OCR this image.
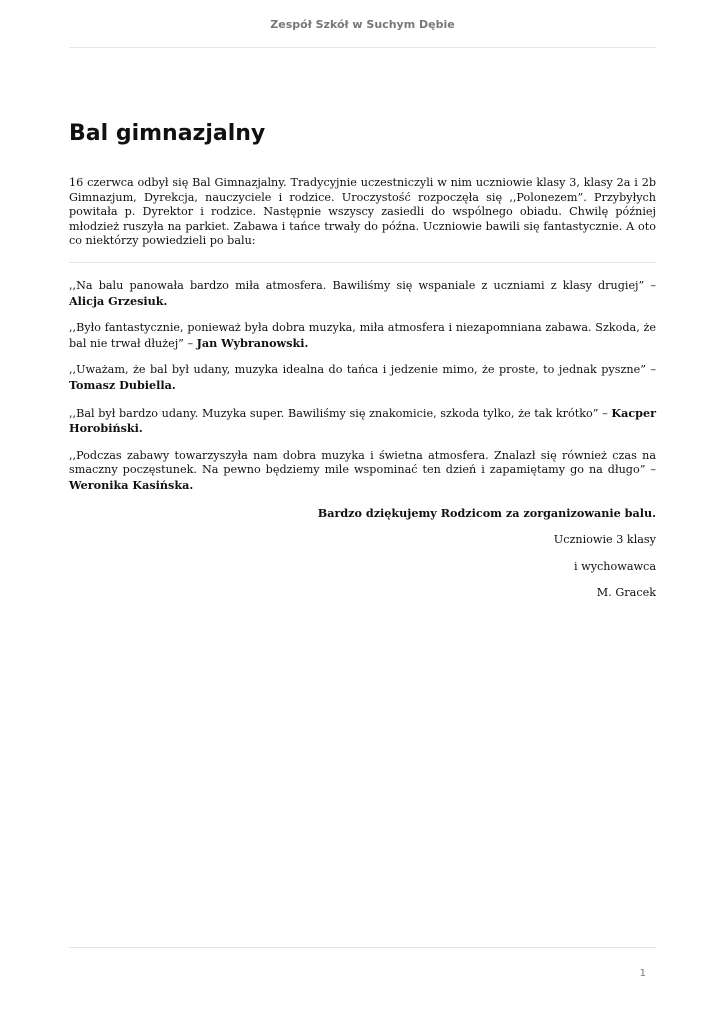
Zespół Szkół w Suchym Dębie
Bal gimnazjalny

16 czerwca odbył się Bal Gimnazjalny. Tradycyjnie uczestniczyli w nim uczniowie klasy 3, klasy 2a i 2b Gimnazjum, Dyrekcja, nauczyciele i rodzice. Uroczystość rozpoczęła się ,,Polonezem”. Przybyłych powitała p. Dyrektor i rodzice. Następnie wszyscy zasiedli do wspólnego obiadu. Chwilę później młodzież ruszyła na parkiet. Zabawa i tańce trwały do późna. Uczniowie bawili się fantastycznie. A oto co niektórzy powiedzieli po balu:

,,Na balu panowała bardzo miła atmosfera. Bawiliśmy się wspaniale z uczniami z klasy drugiej” – Alicja Grzesiuk.

,,Było fantastycznie, ponieważ była dobra muzyka, miła atmosfera i niezapomniana zabawa. Szkoda, że bal nie trwał dłużej” – Jan Wybranowski.

,,Uważam, że bal był udany, muzyka idealna do tańca i jedzenie mimo, że proste, to jednak pyszne” – Tomasz Dubiella.

,,Bal był bardzo udany. Muzyka super. Bawiliśmy się znakomicie, szkoda tylko, że tak krótko” – Kacper Horobiński.

,,Podczas zabawy towarzyszyła nam dobra muzyka i świetna atmosfera. Znalazł się również czas na smaczny poczęstunek. Na pewno będziemy mile wspominać ten dzień i zapamiętamy go na długo” – Weronika Kasińska.

Bardzo dziękujemy Rodzicom za zorganizowanie balu.

Uczniowie 3 klasy

i wychowawca

M. Gracek

1
